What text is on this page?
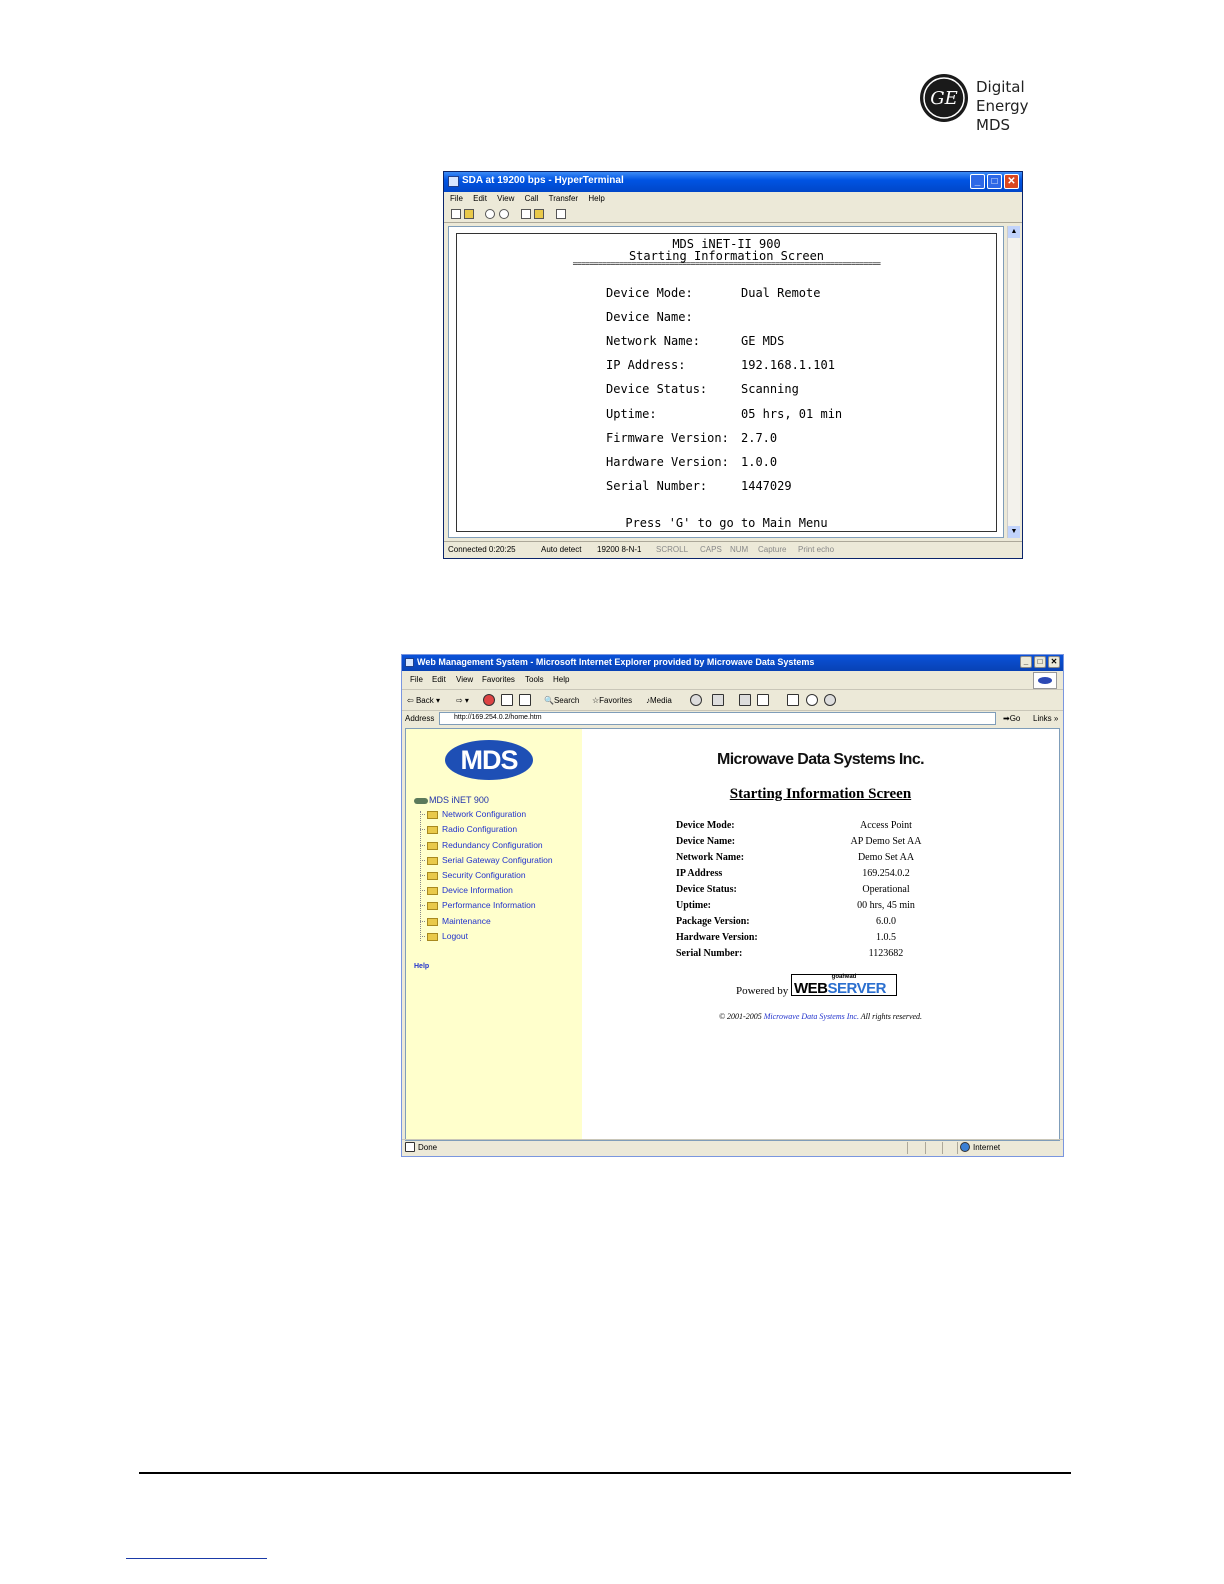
GE
Digital Energy
MDS
SDA at 19200 bps - HyperTerminal	_	□ ✕
File Edit View Call Transfer Help
MDS iNET-II 900
Starting Information Screen
=========================================================================
Device Mode:	Dual Remote
Device Name:
Network Name:	GE MDS
IP Address:	192.168.1.101
Device Status:	Scanning
Uptime:	05 hrs, 01 min
Firmware Version: 2.7.0
Hardware Version: 1.0.0
Serial Number:	1447029
Press 'G' to go to Main Menu
▲
▼
Connected 0:20:25	Auto detect 19200 8-N-1 SCROLL CAPS NUM Capture Print echo
Web Management System - Microsoft Internet Explorer provided by Microwave Data Systems	_	□	✕
File Edit View Favorites Tools Help
⇦ Back ▾ ⇨ ▾	🔍Search ☆Favorites ♪Media
Address	http://169.254.0.2/home.htm	➡Go Links »
MDS
MDS iNET 900
Network Configuration
Radio Configuration
Redundancy Configuration
Serial Gateway Configuration
Security Configuration
Device Information
Performance Information
Maintenance
Logout
Help
Microwave Data Systems Inc.
Starting Information Screen
Device Mode:	Access Point
Device Name:	AP Demo Set AA
Network Name:	Demo Set AA
IP Address	169.254.0.2
Device Status:	Operational
Uptime:	00 hrs, 45 min
Package Version:	6.0.0
Hardware Version:	1.0.5
Serial Number:	1123682
Powered by
goahead
WEBSERVER
© 2001-2005 Microwave Data Systems Inc. All rights reserved.
Done	Internet
